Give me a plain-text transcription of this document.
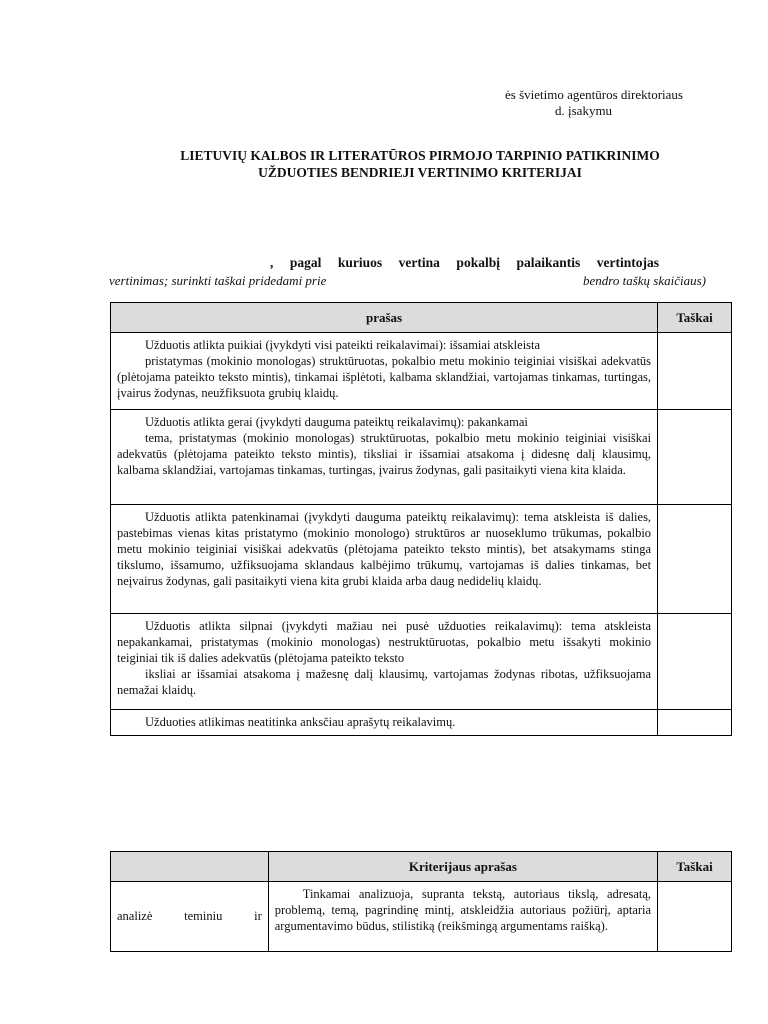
ės švietimo agentūros direktoriaus
d. įsakymu
LIETUVIŲ KALBOS IR LITERATŪROS PIRMOJO TARPINIO PATIKRINIMO
UŽDUOTIES BENDRIEJI VERTINIMO KRITERIJAI
, pagal kuriuos vertina pokalbį palaikantis vertintojas
vertinimas; surinkti taškai pridedami prie	bendro taškų skaičiaus)
prašas	Taškai

Užduotis atlikta puikiai (įvykdyti visi pateikti reikalavimai): išsamiai atskleista
pristatymas (mokinio monologas) struktūruotas, pokalbio metu mokinio teiginiai visiškai adekvatūs (plėtojama pateikto teksto mintis), tinkamai išplėtoti, kalbama sklandžiai, vartojamas tinkamas, turtingas, įvairus žodynas, neužfiksuota grubių klaidų.	

Užduotis atlikta gerai (įvykdyti dauguma pateiktų reikalavimų): pakankamai
tema, pristatymas (mokinio monologas) struktūruotas, pokalbio metu mokinio teiginiai visiškai adekvatūs (plėtojama pateikto teksto mintis), tiksliai ir išsamiai atsakoma į didesnę dalį klausimų, kalbama sklandžiai, vartojamas tinkamas, turtingas, įvairus žodynas, gali pasitaikyti viena kita klaida.	

Užduotis atlikta patenkinamai (įvykdyti dauguma pateiktų reikalavimų): tema atskleista iš dalies, pastebimas vienas kitas pristatymo (mokinio monologo) struktūros ar nuoseklumo trūkumas, pokalbio metu mokinio teiginiai visiškai adekvatūs (plėtojama pateikto teksto mintis), bet atsakymams stinga tikslumo, išsamumo, užfiksuojama sklandaus kalbėjimo trūkumų, vartojamas iš dalies tinkamas, bet neįvairus žodynas, gali pasitaikyti viena kita grubi klaida arba daug nedidelių klaidų.	

Užduotis atlikta silpnai (įvykdyti mažiau nei pusė užduoties reikalavimų): tema atskleista nepakankamai, pristatymas (mokinio monologas) nestruktūruotas, pokalbio metu išsakyti mokinio teiginiai tik iš dalies adekvatūs (plėtojama pateikto teksto
iksliai ar išsamiai atsakoma į mažesnę dalį klausimų, vartojamas žodynas ribotas, užfiksuojama nemažai klaidų.	

Užduoties atlikimas neatitinka anksčiau aprašytų reikalavimų.	

	Kriterijaus aprašas	Taškai
analizė teminiu ir	Tinkamai analizuoja, supranta tekstą, autoriaus tikslą, adresatą, problemą, temą, pagrindinę mintį, atskleidžia autoriaus požiūrį, aptaria argumentavimo būdus, stilistiką (reikšmingą argumentams raišką).	
